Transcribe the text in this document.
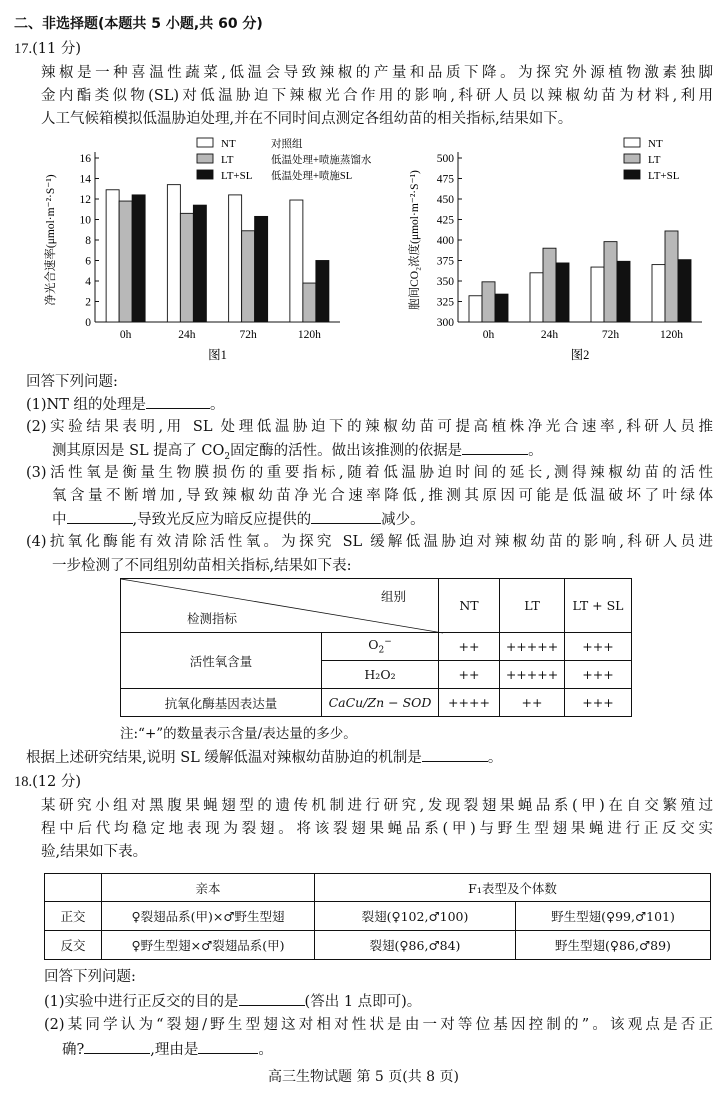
二、非选择题(本题共 5 小题,共 60 分)
17.(11 分)
辣椒是一种喜温性蔬菜,低温会导致辣椒的产量和品质下降。为探究外源植物激素独脚
金内酯类似物(SL)对低温胁迫下辣椒光合作用的影响,科研人员以辣椒幼苗为材料,利用
人工气候箱模拟低温胁迫处理,并在不同时间点测定各组幼苗的相关指标,结果如下。
0
2
4
6
8
10
12
14
16
净光合速率(μmol·m⁻²·S⁻¹)
0h	24h	72h	120h
图1
NT	对照组
LT	低温处理+喷施蒸馏水
LT+SL 低温处理+喷施SL
300
325
350
375
400
425
450
475
500
胞间CO₂浓度(μmol·m⁻²·S⁻¹)
0h	24h	72h	120h
图2
NT
LT
LT+SL
回答下列问题:
(1)NT 组的处理是	。
(2)实验结果表明,用 SL 处理低温胁迫下的辣椒幼苗可提高植株净光合速率,科研人员推
测其原因是 SL 提高了 $CO_2$固定酶的活性。做出该推测的依据是	。
(3)活性氧是衡量生物膜损伤的重要指标,随着低温胁迫时间的延长,测得辣椒幼苗的活性
氧含量不断增加,导致辣椒幼苗净光合速率降低,推测其原因可能是低温破坏了叶绿体
中	,导致光反应为暗反应提供的	减少。
(4)抗氧化酶能有效清除活性氧。为探究 SL 缓解低温胁迫对辣椒幼苗的影响,科研人员进
一步检测了不同组别幼苗相关指标,结果如下表:
组别
检测指标		NT	LT	LT + SL
活性氧含量	$O_2^-$	++	+++++	+++
	H₂O₂	++	+++++	+++
抗氧化酶基因表达量	CaCu/Zn − SOD	++++	++	+++
注:“+”的数量表示含量/表达量的多少。
根据上述研究结果,说明 SL 缓解低温对辣椒幼苗胁迫的机制是	。
18.(12 分)
某研究小组对黑腹果蝇翅型的遗传机制进行研究,发现裂翅果蝇品系(甲)在自交繁殖过
程中后代均稳定地表现为裂翅。将该裂翅果蝇品系(甲)与野生型翅果蝇进行正反交实
验,结果如下表。
	亲本	F₁表型及个体数	
正交	♀裂翅品系(甲)×♂野生型翅	裂翅(♀102,♂100)	野生型翅(♀99,♂101)
反交	♀野生型翅×♂裂翅品系(甲)	裂翅(♀86,♂84)	野生型翅(♀86,♂89)
回答下列问题:
(1)实验中进行正反交的目的是	(答出 1 点即可)。
(2)某同学认为“裂翅/野生型翅这对相对性状是由一对等位基因控制的”。该观点是否正
确?	,理由是	。
高三生物试题 第 5 页(共 8 页)
